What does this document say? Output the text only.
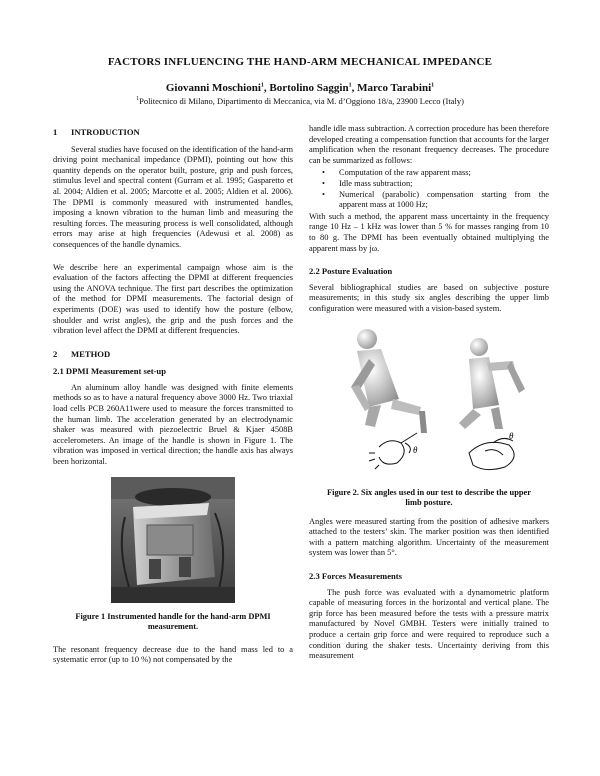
FACTORS INFLUENCING THE HAND-ARM MECHANICAL IMPEDANCE
Giovanni Moschioni$^1$, Bortolino Saggin$^1$, Marco Tarabini$^1$
$^1$Politecnico di Milano, Dipartimento di Meccanica, via M. d’Oggiono 18/a, 23900 Lecco (Italy)
1 INTRODUCTION

Several studies have focused on the identification of the hand-arm driving point mechanical impedance (DPMI), pointing out how this quantity depends on the operator built, posture, grip and push forces, stimulus level and spectral content (Gurram et al. 1995; Gasparetto et al. 2004; Aldien et al. 2005; Marcotte et al. 2005; Aldien et al. 2006). The DPMI is commonly measured with instrumented handles, imposing a known vibration to the human limb and measuring the resulting forces. The measuring process is well consolidated, although errors may arise at high frequencies (Adewusi et al. 2008) as consequences of the handle dynamics.

We describe here an experimental campaign whose aim is the evaluation of the factors affecting the DPMI at different frequencies using the ANOVA technique. The first part describes the optimization of the method for DPMI measurements. The factorial design of experiments (DOE) was used to identify how the posture (elbow, shoulder and wrist angles), the grip and the push forces and the vibration level affect the DPMI at different frequencies.

2 METHOD
2.1 DPMI Measurement set-up

An aluminum alloy handle was designed with finite elements methods so as to have a natural frequency above 3000 Hz. Two triaxial load cells PCB 260A11were used to measure the forces transmitted to the human limb. The acceleration generated by an electrodynamic shaker was measured with piezoelectric Bruel & Kjaer 4508B accelerometers. An image of the handle is shown in Figure 1. The vibration was imposed in vertical direction; the handle axis has always been horizontal.

Figure 1 Instrumented handle for the hand-arm DPMI measurement.

The resonant frequency decrease due to the hand mass led to a systematic error (up to 10 %) not compensated by the

handle idle mass subtraction. A correction procedure has been therefore developed creating a compensation function that accounts for the larger amplification when the resonant frequency decreases. The procedure can be summarized as follows:

• Computation of the raw apparent mass;
• Idle mass subtraction;
• Numerical (parabolic) compensation starting from the apparent mass at 1000 Hz;

With such a method, the apparent mass uncertainty in the frequency range 10 Hz – 1 kHz was lower than 5 % for masses ranging from 10 to 80 g. The DPMI has been eventually obtained multiplying the apparent mass by jω.

2.2 Posture Evaluation

Several bibliographical studies are based on subjective posture measurements; in this study six angles describing the upper limb configuration were measured with a vision-based system.

θ
θ
Figure 2. Six angles used in our test to describe the upper limb posture.

Angles were measured starting from the position of adhesive markers attached to the testers’ skin. The marker position was then identified with a pattern matching algorithm. Uncertainty of the measurement system was lower than 5°.

2.3 Forces Measurements

The push force was evaluated with a dynamometric platform capable of measuring forces in the horizontal and vertical plane. The grip force has been measured before the tests with a pressure matrix manufactured by Novel GMBH. Testers were initially trained to produce a certain grip force and were required to reproduce such a condition during the shaker tests. Uncertainty deriving from this measurement
